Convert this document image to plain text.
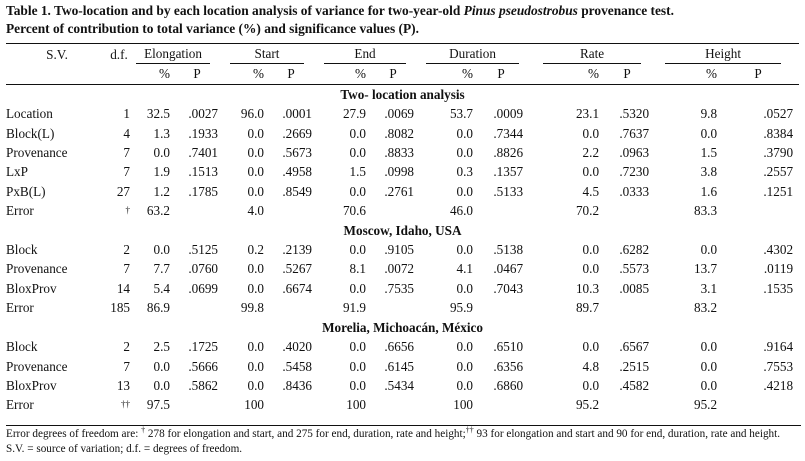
Table 1. Two-location and by each location analysis of variance for two-year-old Pinus pseudostrobus provenance test.
Percent of contribution to total variance (%) and significance values (P).
S.V.	d.f.	Elongation		Start		End		Duration		Rate		Height	

		%	P	%	P	%	P	%	P	%	P	%	P
Two- location analysis													
Location	1	32.5	.0027	96.0	.0001	27.9	.0069	53.7	.0009	23.1	.5320	9.8	.0527
Block(L)	4	1.3	.1933	0.0	.2669	0.0	.8082	0.0	.7344	0.0	.7637	0.0	.8384
Provenance	7	0.0	.7401	0.0	.5673	0.0	.8833	0.0	.8826	2.2	.0963	1.5	.3790
LxP	7	1.9	.1513	0.0	.4958	1.5	.0998	0.3	.1357	0.0	.7230	3.8	.2557
PxB(L)	27	1.2	.1785	0.0	.8549	0.0	.2761	0.0	.5133	4.5	.0333	1.6	.1251
Error	†	63.2		4.0		70.6		46.0		70.2		83.3	
Moscow, Idaho, USA													
Block	2	0.0	.5125	0.2	.2139	0.0	.9105	0.0	.5138	0.0	.6282	0.0	.4302
Provenance	7	7.7	.0760	0.0	.5267	8.1	.0072	4.1	.0467	0.0	.5573	13.7	.0119
BloxProv	14	5.4	.0699	0.0	.6674	0.0	.7535	0.0	.7043	10.3	.0085	3.1	.1535
Error	185	86.9		99.8		91.9		95.9		89.7		83.2	
Morelia, Michoacán, México													
Block	2	2.5	.1725	0.0	.4020	0.0	.6656	0.0	.6510	0.0	.6567	0.0	.9164
Provenance	7	0.0	.5666	0.0	.5458	0.0	.6145	0.0	.6356	4.8	.2515	0.0	.7553
BloxProv	13	0.0	.5862	0.0	.8436	0.0	.5434	0.0	.6860	0.0	.4582	0.0	.4218
Error	††	97.5		100		100		100		95.2		95.2	
Error degrees of freedom are: † 278 for elongation and start, and 275 for end, duration, rate and height;†† 93 for elongation and start and 90 for end, duration, rate and height. S.V. = source of variation; d.f. = degrees of freedom.
